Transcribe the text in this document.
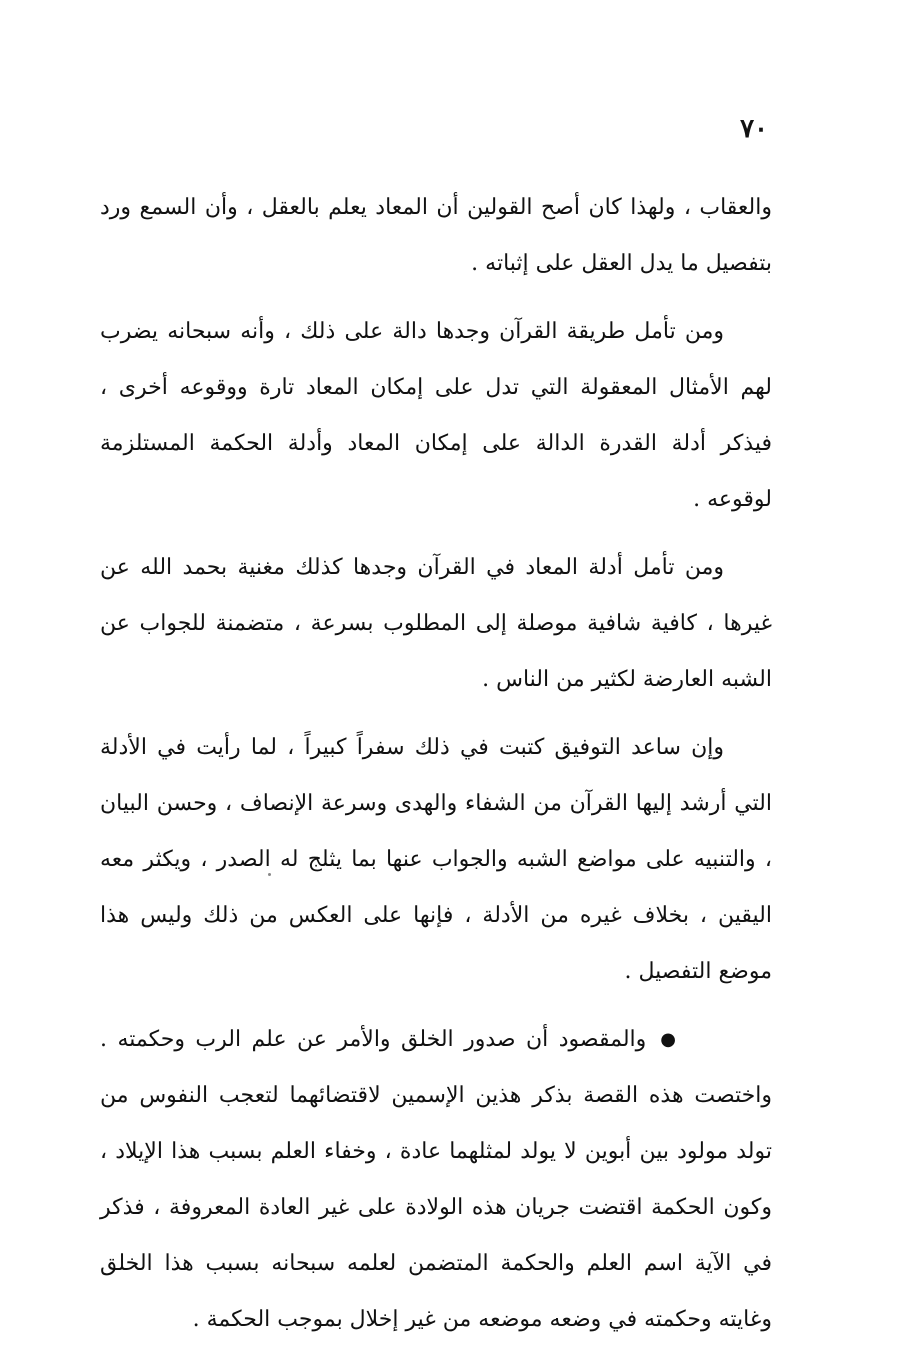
٧٠

والعقاب ، ولهذا كان أصح القولين أن المعاد يعلم بالعقل ، وأن السمع ورد بتفصيل ما يدل العقل على إثباته .

ومن تأمل طريقة القرآن وجدها دالة على ذلك ، وأنه سبحانه يضرب لهم الأمثال المعقولة التي تدل على إمكان المعاد تارة ووقوعه أخرى ، فيذكر أدلة القدرة الدالة على إمكان المعاد وأدلة الحكمة المستلزمة لوقوعه .

ومن تأمل أدلة المعاد في القرآن وجدها كذلك مغنية بحمد الله عن غيرها ، كافية شافية موصلة إلى المطلوب بسرعة ، متضمنة للجواب عن الشبه العارضة لكثير من الناس .

وإن ساعد التوفيق كتبت في ذلك سفراً كبيراً ، لما رأيت في الأدلة التي أرشد إليها القرآن من الشفاء والهدى وسرعة الإنصاف ، وحسن البيان ، والتنبيه على مواضع الشبه والجواب عنها بما يثلج له الصدر ، ويكثر معه اليقين ، بخلاف غيره من الأدلة ، فإنها على العكس من ذلك وليس هذا موضع التفصيل .

●والمقصود أن صدور الخلق والأمر عن علم الرب وحكمته . واختصت هذه القصة بذكر هذين الإسمين لاقتضائهما لتعجب النفوس من تولد مولود بين أبوين لا يولد لمثلهما عادة ، وخفاء العلم بسبب هذا الإيلاد ، وكون الحكمة اقتضت جريان هذه الولادة على غير العادة المعروفة ، فذكر في الآية اسم العلم والحكمة المتضمن لعلمه سبحانه بسبب هذا الخلق وغايته وحكمته في وضعه موضعه من غير إخلال بموجب الحكمة .
